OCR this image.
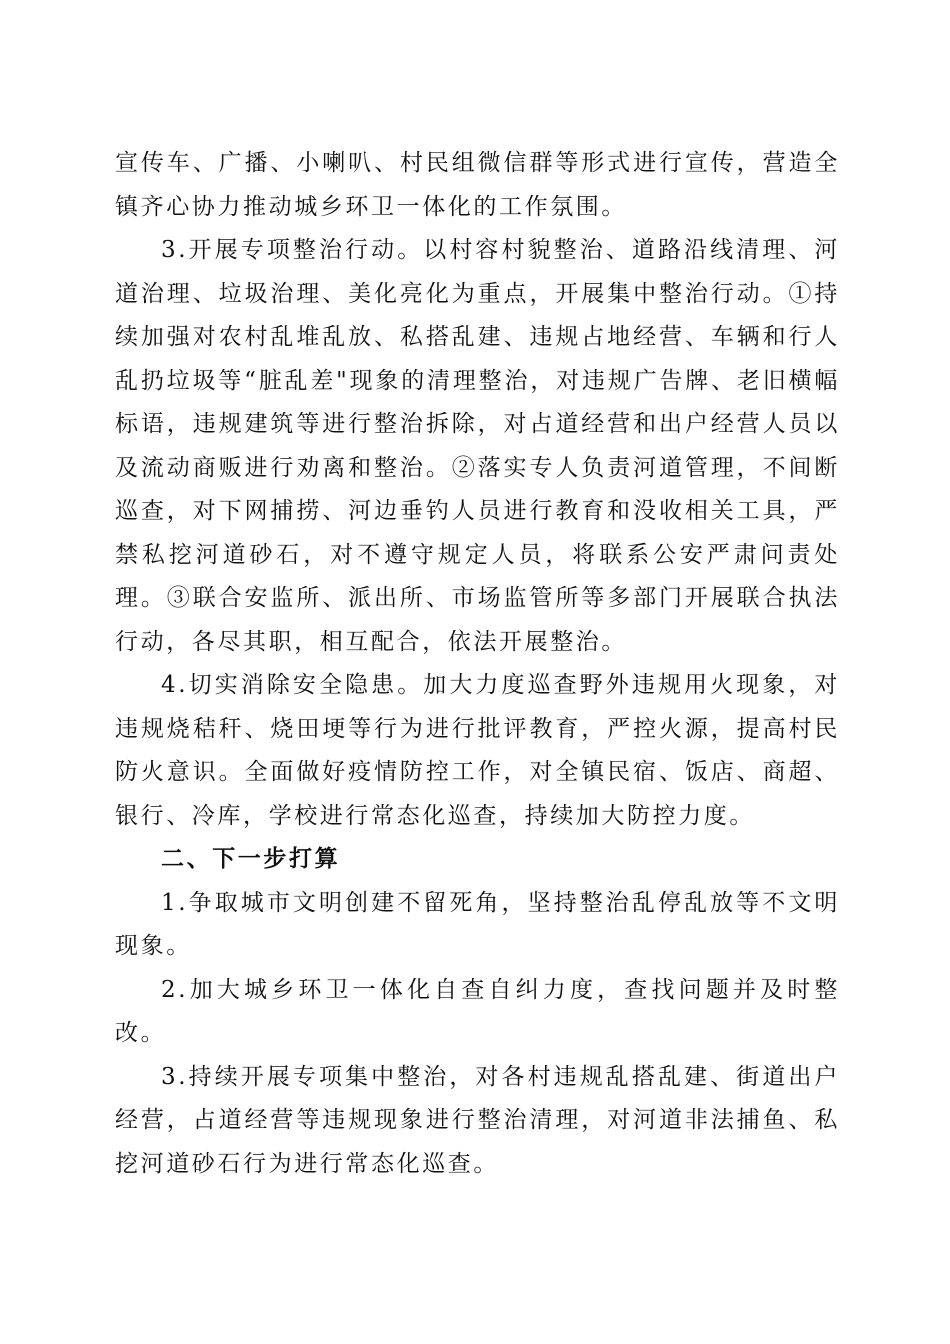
宣传车、广播、小喇叭、村民组微信群等形式进行宣传，营造全镇齐心协力推动城乡环卫一体化的工作氛围。

3.开展专项整治行动。以村容村貌整治、道路沿线清理、河道治理、垃圾治理、美化亮化为重点，开展集中整治行动。①持续加强对农村乱堆乱放、私搭乱建、违规占地经营、车辆和行人乱扔垃圾等“脏乱差"现象的清理整治，对违规广告牌、老旧横幅标语，违规建筑等进行整治拆除，对占道经营和出户经营人员以及流动商贩进行劝离和整治。②落实专人负责河道管理，不间断巡查，对下网捕捞、河边垂钓人员进行教育和没收相关工具，严禁私挖河道砂石，对不遵守规定人员，将联系公安严肃问责处理。③联合安监所、派出所、市场监管所等多部门开展联合执法行动，各尽其职，相互配合，依法开展整治。

4.切实消除安全隐患。加大力度巡查野外违规用火现象，对违规烧秸秆、烧田埂等行为进行批评教育，严控火源，提高村民防火意识。全面做好疫情防控工作，对全镇民宿、饭店、商超、银行、冷库，学校进行常态化巡查，持续加大防控力度。

二、下一步打算

1.争取城市文明创建不留死角，坚持整治乱停乱放等不文明现象。

2.加大城乡环卫一体化自查自纠力度，查找问题并及时整改。

3.持续开展专项集中整治，对各村违规乱搭乱建、街道出户经营，占道经营等违规现象进行整治清理，对河道非法捕鱼、私挖河道砂石行为进行常态化巡查。
